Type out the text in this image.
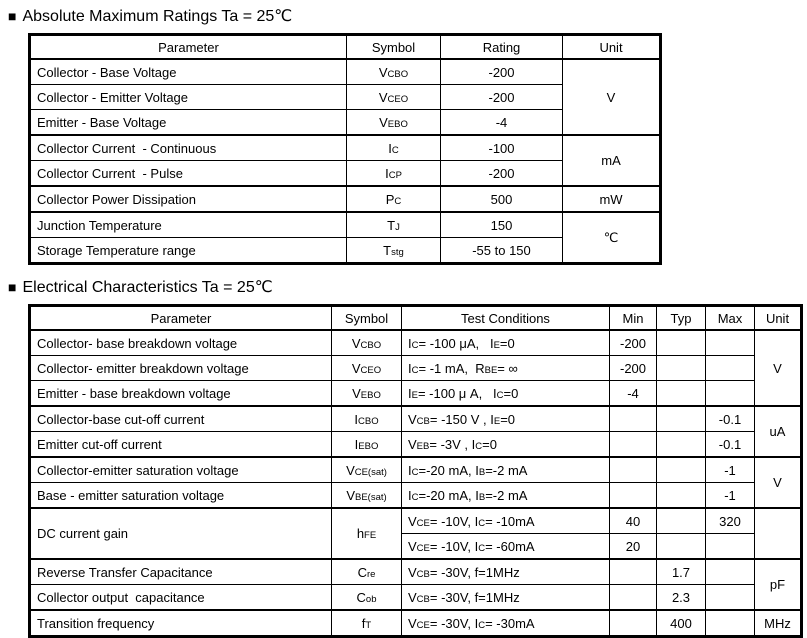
■ Absolute Maximum Ratings Ta = 25℃
Parameter	Symbol	Rating	Unit
Collector - Base Voltage	VCBO	-200	V
Collector - Emitter Voltage	VCEO	-200	
Emitter - Base Voltage	VEBO	-4	
Collector Current  - Continuous	IC	-100	mA
Collector Current  - Pulse	ICP	-200	
Collector Power Dissipation	PC	500	mW
Junction Temperature	TJ	150	℃
Storage Temperature range	Tstg	-55 to 150	
■ Electrical Characteristics Ta = 25℃
Parameter	Symbol	Test Conditions	Min	Typ	Max	Unit
Collector- base breakdown voltage	VCBO	IC= -100 μA,   IE=0	-200			V
Collector- emitter breakdown voltage	VCEO	IC= -1 mA,  RBE= ∞	-200			
Emitter - base breakdown voltage	VEBO	IE= -100 μ A,   IC=0	-4			
Collector-base cut-off current	ICBO	VCB= -150 V , IE=0			-0.1	uA
Emitter cut-off current	IEBO	VEB= -3V , IC=0			-0.1	
Collector-emitter saturation voltage	VCE(sat)	IC=-20 mA, IB=-2 mA			-1	V
Base - emitter saturation voltage	VBE(sat)	IC=-20 mA, IB=-2 mA			-1	
DC current gain	hFE	VCE= -10V, IC= -10mA	40		320	
		VCE= -10V, IC= -60mA	20			
Reverse Transfer Capacitance	Cre	VCB= -30V, f=1MHz		1.7		pF
Collector output  capacitance	Cob	VCB= -30V, f=1MHz		2.3		
Transition frequency	fT	VCE= -30V, IC= -30mA		400		MHz
